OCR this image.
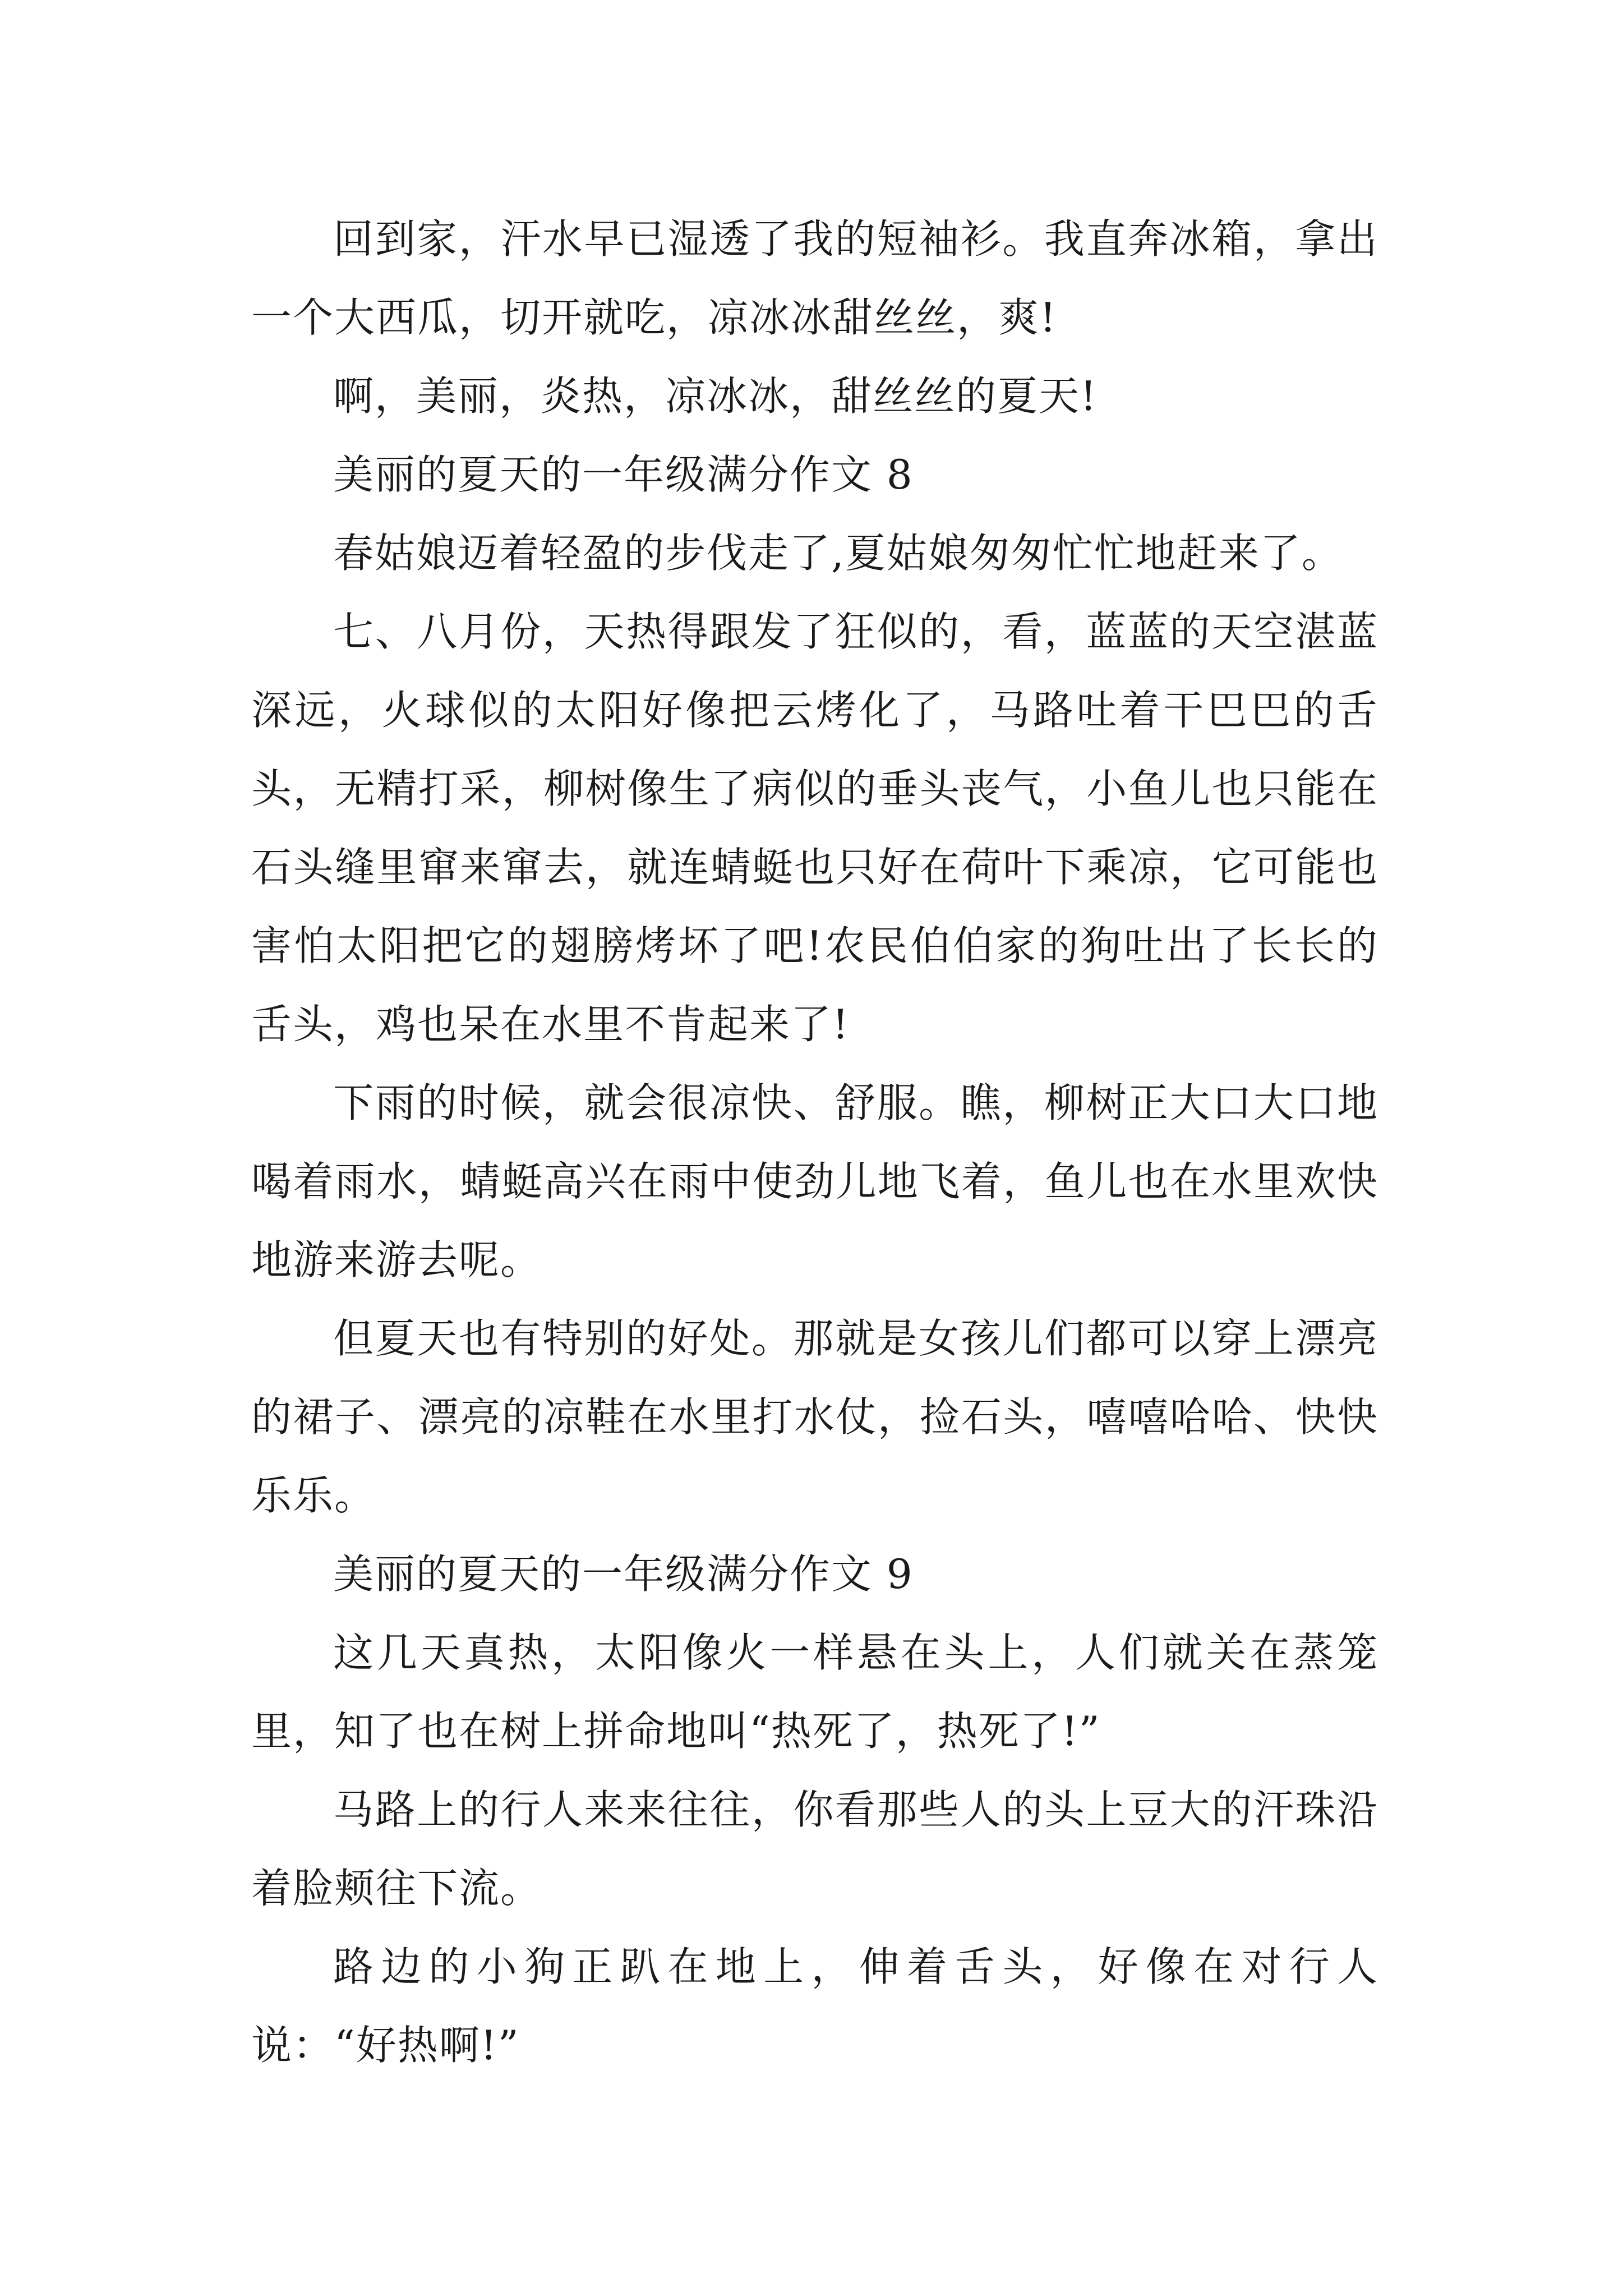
回到家，汗水早已湿透了我的短袖衫。我直奔冰箱，拿出一个大西瓜，切开就吃，凉冰冰甜丝丝，爽!

啊，美丽，炎热，凉冰冰，甜丝丝的夏天!

美丽的夏天的一年级满分作文 8

春姑娘迈着轻盈的步伐走了,夏姑娘匆匆忙忙地赶来了。

七、八月份，天热得跟发了狂似的，看，蓝蓝的天空湛蓝深远，火球似的太阳好像把云烤化了，马路吐着干巴巴的舌头，无精打采，柳树像生了病似的垂头丧气，小鱼儿也只能在石头缝里窜来窜去，就连蜻蜓也只好在荷叶下乘凉，它可能也害怕太阳把它的翅膀烤坏了吧!农民伯伯家的狗吐出了长长的舌头，鸡也呆在水里不肯起来了!

下雨的时候，就会很凉快、舒服。瞧，柳树正大口大口地喝着雨水，蜻蜓高兴在雨中使劲儿地飞着，鱼儿也在水里欢快地游来游去呢。

但夏天也有特别的好处。那就是女孩儿们都可以穿上漂亮的裙子、漂亮的凉鞋在水里打水仗，捡石头，嘻嘻哈哈、快快乐乐。

美丽的夏天的一年级满分作文 9

这几天真热，太阳像火一样悬在头上，人们就关在蒸笼里，知了也在树上拼命地叫“热死了，热死了!”

马路上的行人来来往往，你看那些人的头上豆大的汗珠沿着脸颊往下流。

路边的小狗正趴在地上，伸着舌头，好像在对行人说：“好热啊!”
